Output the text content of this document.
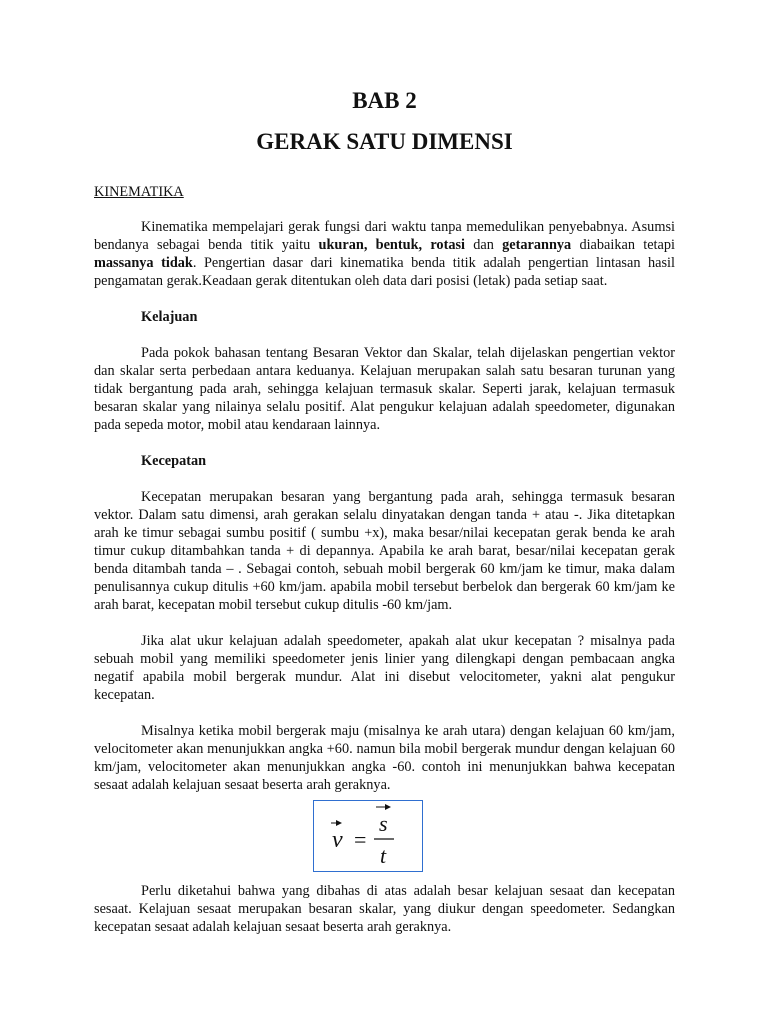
BAB 2
GERAK SATU DIMENSI
KINEMATIKA

Kinematika mempelajari gerak fungsi dari waktu tanpa memedulikan penyebabnya. Asumsi bendanya sebagai benda titik yaitu ukuran, bentuk, rotasi dan getarannya diabaikan tetapi massanya tidak. Pengertian dasar dari kinematika benda titik adalah pengertian lintasan hasil pengamatan gerak.Keadaan gerak ditentukan oleh data dari posisi (letak) pada setiap saat.

Kelajuan

Pada pokok bahasan tentang Besaran Vektor dan Skalar, telah dijelaskan pengertian vektor dan skalar serta perbedaan antara keduanya. Kelajuan merupakan salah satu besaran turunan yang tidak bergantung pada arah, sehingga kelajuan termasuk skalar. Seperti jarak, kelajuan termasuk besaran skalar yang nilainya selalu positif. Alat pengukur kelajuan adalah speedometer, digunakan pada sepeda motor, mobil atau kendaraan lainnya.

Kecepatan

Kecepatan merupakan besaran yang bergantung pada arah, sehingga termasuk besaran vektor. Dalam satu dimensi, arah gerakan selalu dinyatakan dengan tanda + atau -. Jika ditetapkan arah ke timur sebagai sumbu positif ( sumbu +x), maka besar/nilai kecepatan gerak benda ke arah timur cukup ditambahkan tanda + di depannya. Apabila ke arah barat, besar/nilai kecepatan gerak benda ditambah tanda – . Sebagai contoh, sebuah mobil bergerak 60 km/jam ke timur, maka dalam penulisannya cukup ditulis +60 km/jam. apabila mobil tersebut berbelok dan bergerak 60 km/jam ke arah barat, kecepatan mobil tersebut cukup ditulis -60 km/jam.

Jika alat ukur kelajuan adalah speedometer, apakah alat ukur kecepatan ? misalnya pada sebuah mobil yang memiliki speedometer jenis linier yang dilengkapi dengan pembacaan angka negatif apabila mobil bergerak mundur. Alat ini disebut velocitometer, yakni alat pengukur kecepatan.

Misalnya ketika mobil bergerak maju (misalnya ke arah utara) dengan kelajuan 60 km/jam, velocitometer akan menunjukkan angka +60. namun bila mobil bergerak mundur dengan kelajuan 60 km/jam, velocitometer akan menunjukkan angka -60. contoh ini menunjukkan bahwa kecepatan sesaat adalah kelajuan sesaat beserta arah geraknya.

v =
s
t

Perlu diketahui bahwa yang dibahas di atas adalah besar kelajuan sesaat dan kecepatan sesaat. Kelajuan sesaat merupakan besaran skalar, yang diukur dengan speedometer. Sedangkan kecepatan sesaat adalah kelajuan sesaat beserta arah geraknya.
